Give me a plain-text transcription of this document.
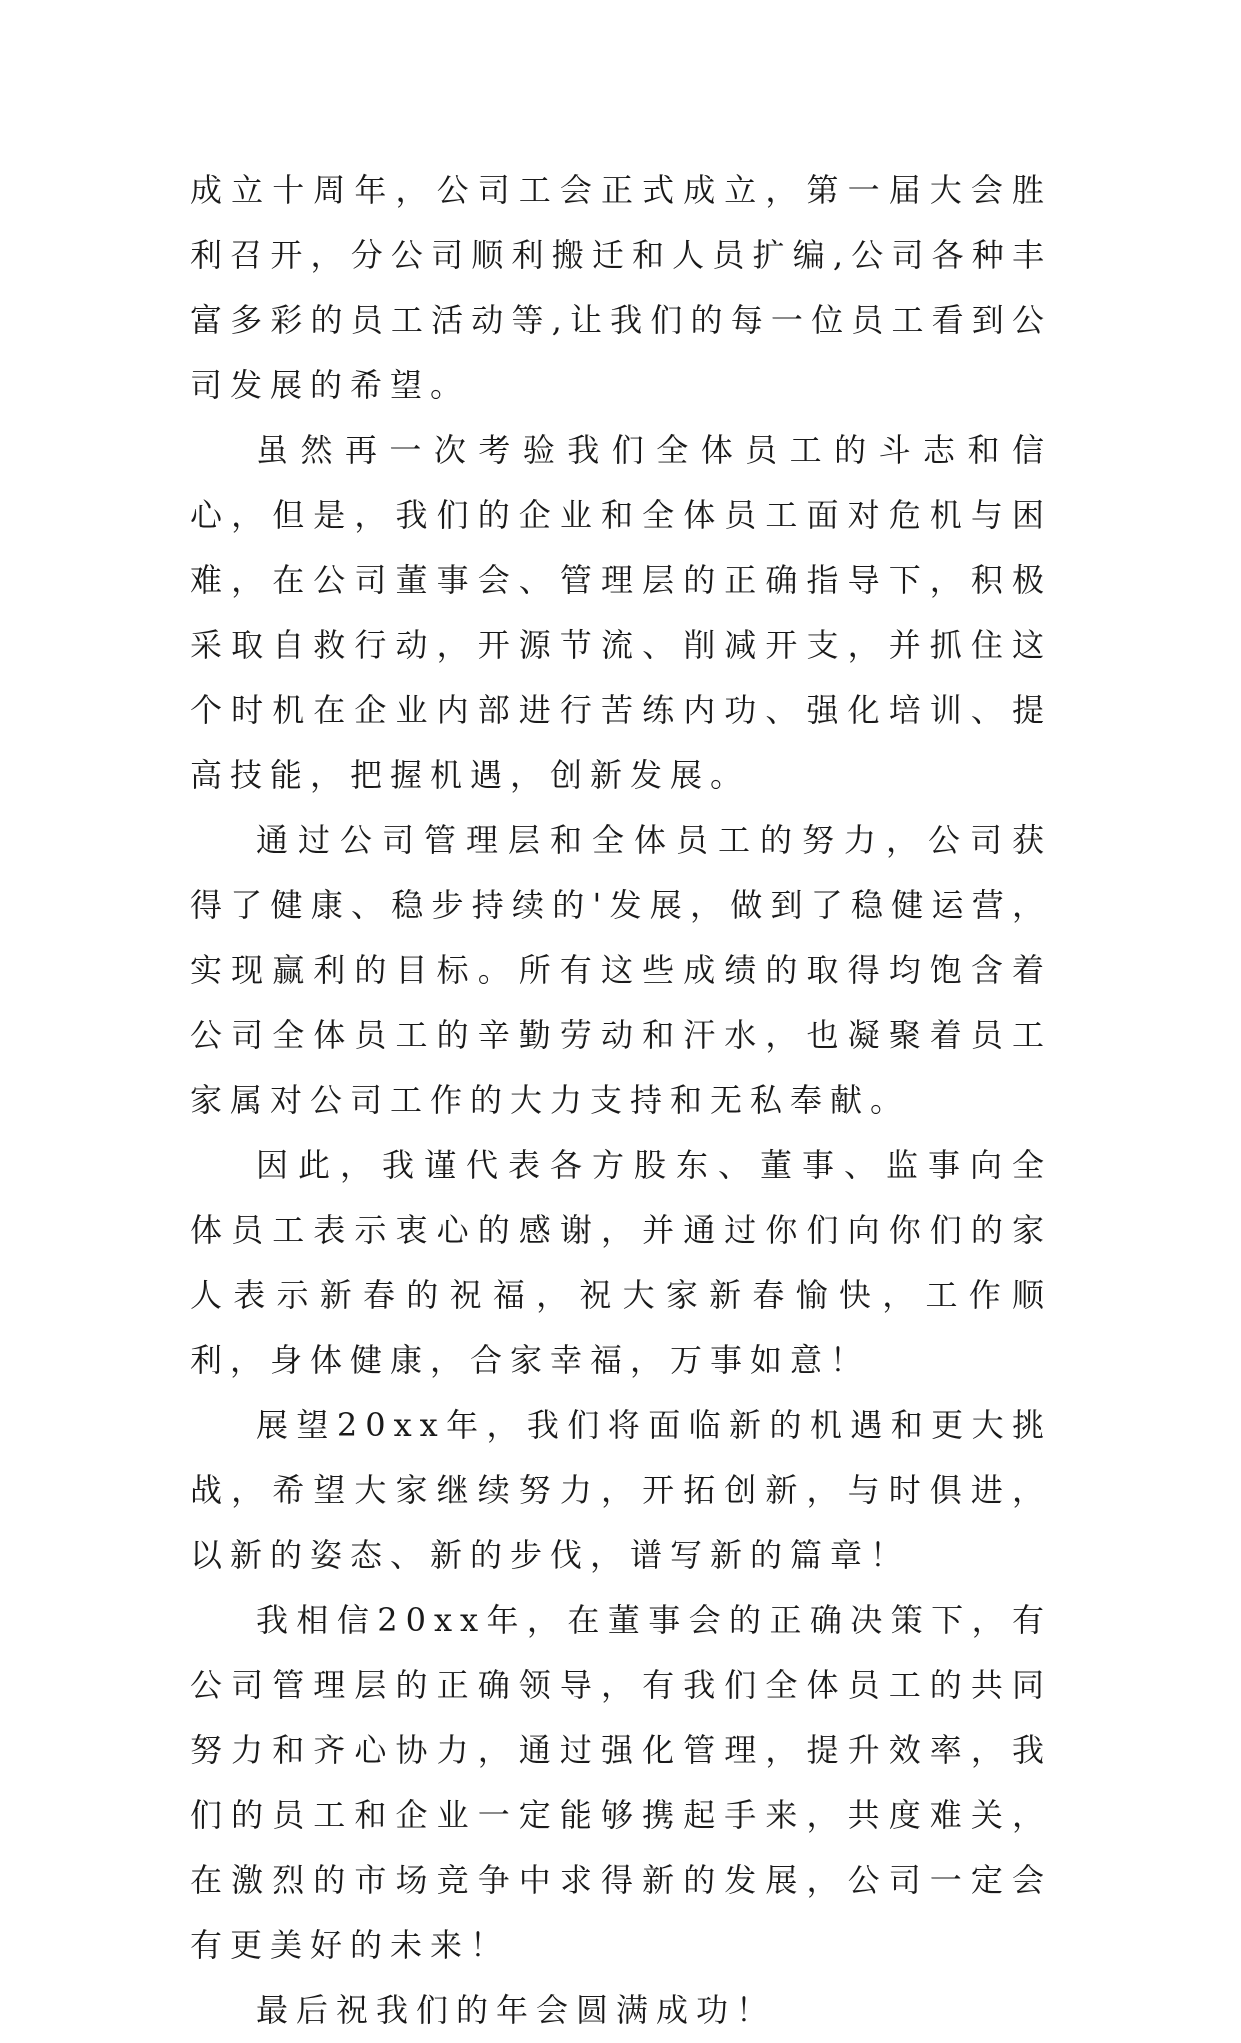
成立十周年，公司工会正式成立，第一届大会胜利召开，分公司顺利搬迁和人员扩编,公司各种丰富多彩的员工活动等,让我们的每一位员工看到公司发展的希望。

虽然再一次考验我们全体员工的斗志和信心，但是，我们的企业和全体员工面对危机与困难，在公司董事会、管理层的正确指导下，积极采取自救行动，开源节流、削减开支，并抓住这个时机在企业内部进行苦练内功、强化培训、提高技能，把握机遇，创新发展。

通过公司管理层和全体员工的努力，公司获得了健康、稳步持续的'发展，做到了稳健运营，实现赢利的目标。所有这些成绩的取得均饱含着公司全体员工的辛勤劳动和汗水，也凝聚着员工家属对公司工作的大力支持和无私奉献。

因此，我谨代表各方股东、董事、监事向全体员工表示衷心的感谢，并通过你们向你们的家人表示新春的祝福，祝大家新春愉快，工作顺利，身体健康，合家幸福，万事如意！

展望20xx年，我们将面临新的机遇和更大挑战，希望大家继续努力，开拓创新，与时俱进，以新的姿态、新的步伐，谱写新的篇章！

我相信20xx年，在董事会的正确决策下，有公司管理层的正确领导，有我们全体员工的共同努力和齐心协力，通过强化管理，提升效率，我们的员工和企业一定能够携起手来，共度难关，在激烈的市场竞争中求得新的发展，公司一定会有更美好的未来！

最后祝我们的年会圆满成功！
